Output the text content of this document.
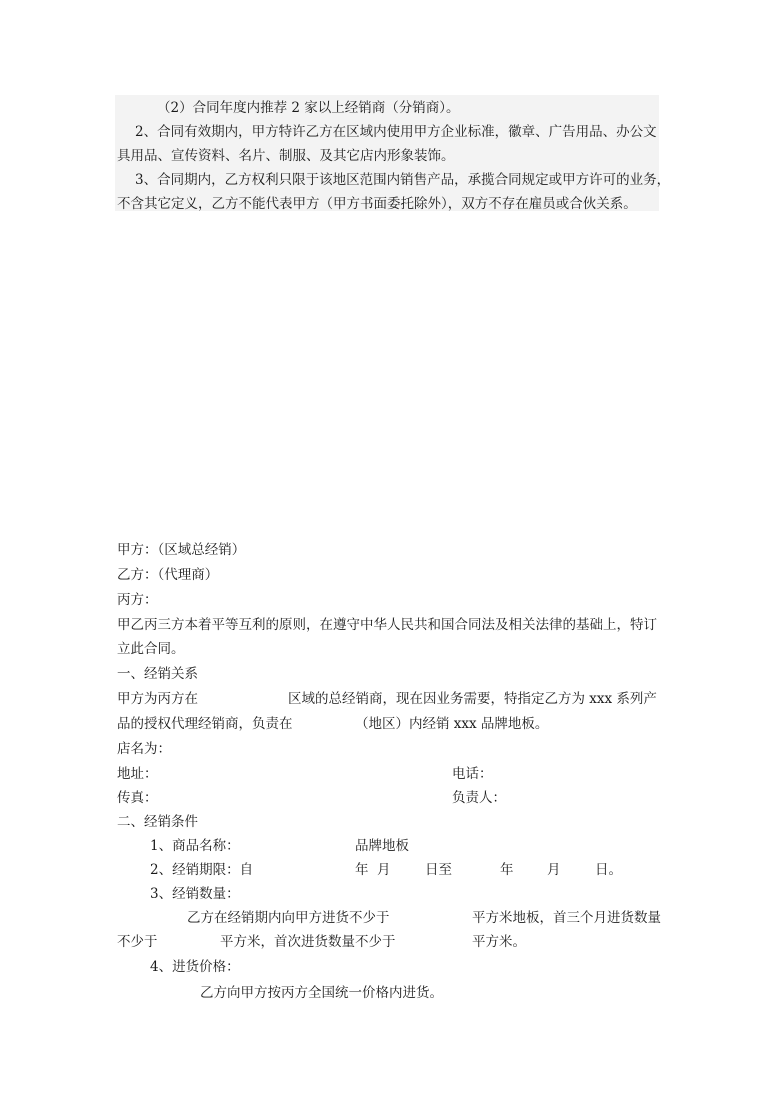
（2）合同年度内推荐 2 家以上经销商（分销商）。
2、合同有效期内，甲方特许乙方在区域内使用甲方企业标准，徽章、广告用品、办公文
具用品、宣传资料、名片、制服、及其它店内形象装饰。
3、合同期内，乙方权利只限于该地区范围内销售产品，承揽合同规定或甲方许可的业务，
不含其它定义，乙方不能代表甲方（甲方书面委托除外），双方不存在雇员或合伙关系。
甲方：（区域总经销）
乙方：（代理商）
丙方：
甲乙丙三方本着平等互利的原则，在遵守中华人民共和国合同法及相关法律的基础上，特订
立此合同。
一、经销关系
甲方为丙方在	区域的总经销商，现在因业务需要，特指定乙方为 xxx 系列产
品的授权代理经销商，负责在	（地区）内经销 xxx 品牌地板。
店名为：
地址：	电话：
传真：	负责人：
二、经销条件
1、商品名称：	品牌地板
2、经销期限：自	年 月	日至	年 月	日。
3、经销数量：
乙方在经销期内向甲方进货不少于	平方米地板，首三个月进货数量
不少于	平方米，首次进货数量不少于	平方米。
4、进货价格：
乙方向甲方按丙方全国统一价格内进货。
